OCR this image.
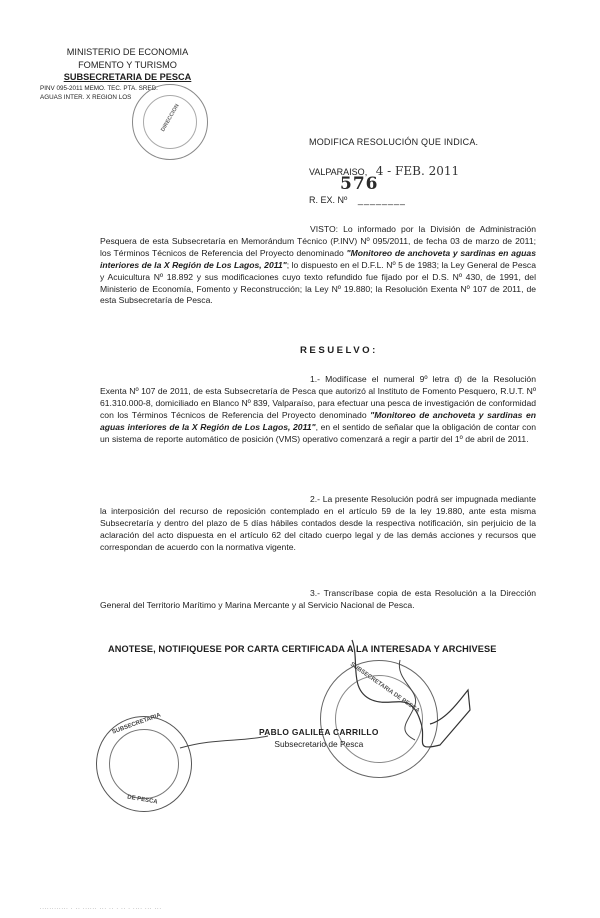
MINISTERIO DE ECONOMIA
FOMENTO Y TURISMO
SUBSECRETARIA DE PESCA
PINV 095-2011 MEMO. TEC. PTA. SRED.
AGUAS INTER. X REGION LOS
DIRECCION
MODIFICA RESOLUCIÓN QUE INDICA.
VALPARAISO, 4 - FEB. 2011
576
R. EX. Nº ________
VISTO: Lo informado por la División de Administración Pesquera de esta Subsecretaría en Memorándum Técnico (P.INV) Nº 095/2011, de fecha 03 de marzo de 2011; los Términos Técnicos de Referencia del Proyecto denominado "Monitoreo de anchoveta y sardinas en aguas interiores de la X Región de Los Lagos, 2011"; lo dispuesto en el D.F.L. Nº 5 de 1983; la Ley General de Pesca y Acuicultura Nº 18.892 y sus modificaciones cuyo texto refundido fue fijado por el D.S. Nº 430, de 1991, del Ministerio de Economía, Fomento y Reconstrucción; la Ley Nº 19.880; la Resolución Exenta Nº 107 de 2011, de esta Subsecretaría de Pesca.
RESUELVO:
1.- Modifícase el numeral 9º letra d) de la Resolución Exenta Nº 107 de 2011, de esta Subsecretaría de Pesca que autorizó al Instituto de Fomento Pesquero, R.U.T. Nº 61.310.000-8, domiciliado en Blanco Nº 839, Valparaíso, para efectuar una pesca de investigación de conformidad con los Términos Técnicos de Referencia del Proyecto denominado "Monitoreo de anchoveta y sardinas en aguas interiores de la X Región de Los Lagos, 2011", en el sentido de señalar que la obligación de contar con un sistema de reporte automático de posición (VMS) operativo comenzará a regir a partir del 1º de abril de 2011.
2.- La presente Resolución podrá ser impugnada mediante la interposición del recurso de reposición contemplado en el artículo 59 de la ley 19.880, ante esta misma Subsecretaría y dentro del plazo de 5 días hábiles contados desde la respectiva notificación, sin perjuicio de la aclaración del acto dispuesta en el artículo 62 del citado cuerpo legal y de las demás acciones y recursos que correspondan de acuerdo con la normativa vigente.
3.- Transcríbase copia de esta Resolución a la Dirección General del Territorio Marítimo y Marina Mercante y al Servicio Nacional de Pesca.
ANOTESE, NOTIFIQUESE POR CARTA CERTIFICADA A LA INTERESADA Y ARCHIVESE
SUBSECRETARIA
DE PESCA
SUBSECRETARIA DE PESCA
PABLO GALILEA CARRILLO
Subsecretario de Pesca
............ . .. ...... ... .. . .. . .... ... ...
